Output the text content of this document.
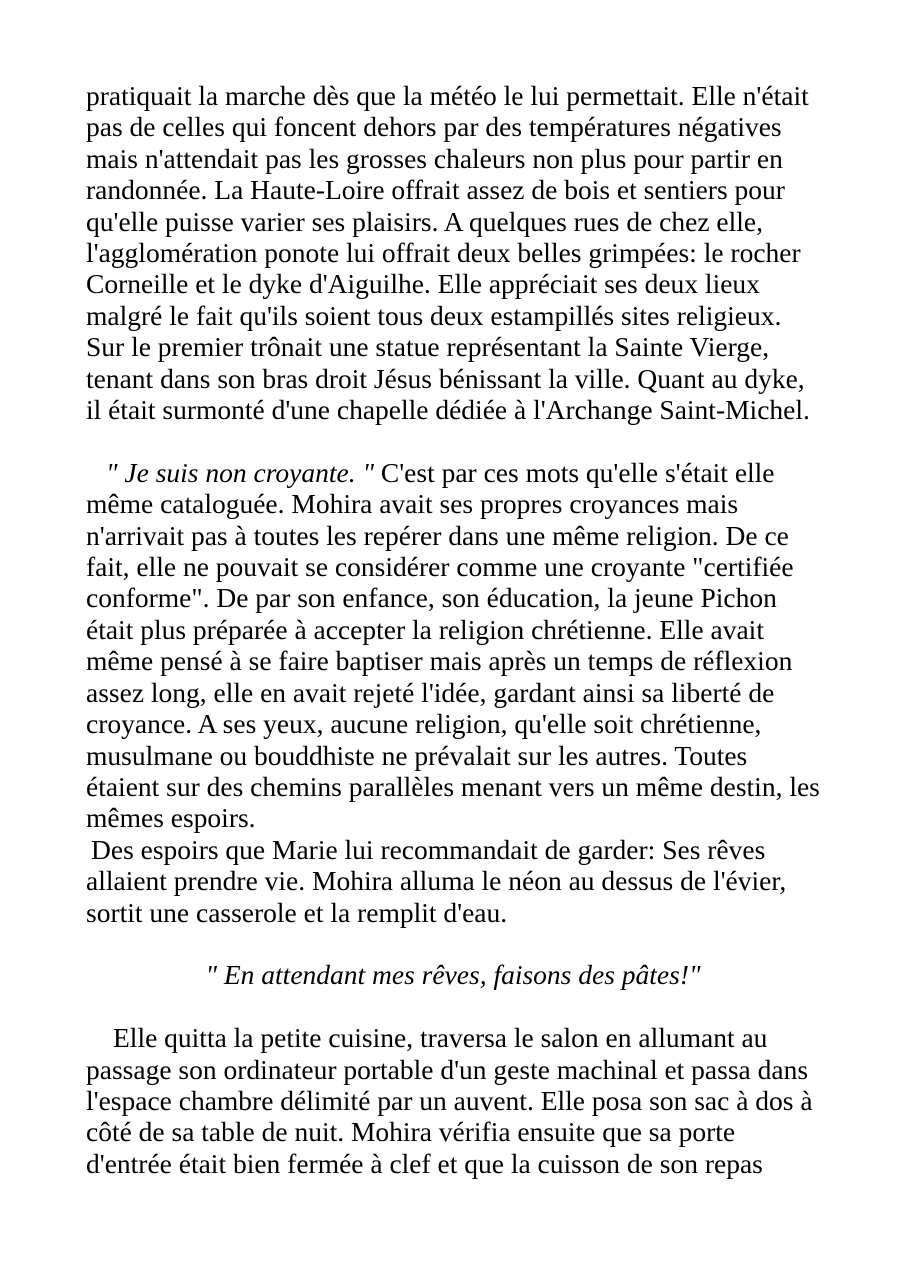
pratiquait la marche dès que la météo le lui permettait. Elle n'était
pas de celles qui foncent dehors par des températures négatives
mais n'attendait pas les grosses chaleurs non plus pour partir en
randonnée. La Haute-Loire offrait assez de bois et sentiers pour
qu'elle puisse varier ses plaisirs. A quelques rues de chez elle,
l'agglomération ponote lui offrait deux belles grimpées: le rocher
Corneille et le dyke d'Aiguilhe. Elle appréciait ses deux lieux
malgré le fait qu'ils soient tous deux estampillés sites religieux.
Sur le premier trônait une statue représentant la Sainte Vierge,
tenant dans son bras droit Jésus bénissant la ville. Quant au dyke,
il était surmonté d'une chapelle dédiée à l'Archange Saint-Michel.
" Je suis non croyante. " C'est par ces mots qu'elle s'était elle
même cataloguée. Mohira avait ses propres croyances mais
n'arrivait pas à toutes les repérer dans une même religion. De ce
fait, elle ne pouvait se considérer comme une croyante "certifiée
conforme". De par son enfance, son éducation, la jeune Pichon
était plus préparée à accepter la religion chrétienne. Elle avait
même pensé à se faire baptiser mais après un temps de réflexion
assez long, elle en avait rejeté l'idée, gardant ainsi sa liberté de
croyance. A ses yeux, aucune religion, qu'elle soit chrétienne,
musulmane ou bouddhiste ne prévalait sur les autres. Toutes
étaient sur des chemins parallèles menant vers un même destin, les
mêmes espoirs.
Des espoirs que Marie lui recommandait de garder: Ses rêves
allaient prendre vie. Mohira alluma le néon au dessus de l'évier,
sortit une casserole et la remplit d'eau.
" En attendant mes rêves, faisons des pâtes!"
Elle quitta la petite cuisine, traversa le salon en allumant au
passage son ordinateur portable d'un geste machinal et passa dans
l'espace chambre délimité par un auvent. Elle posa son sac à dos à
côté de sa table de nuit. Mohira vérifia ensuite que sa porte
d'entrée était bien fermée à clef et que la cuisson de son repas
